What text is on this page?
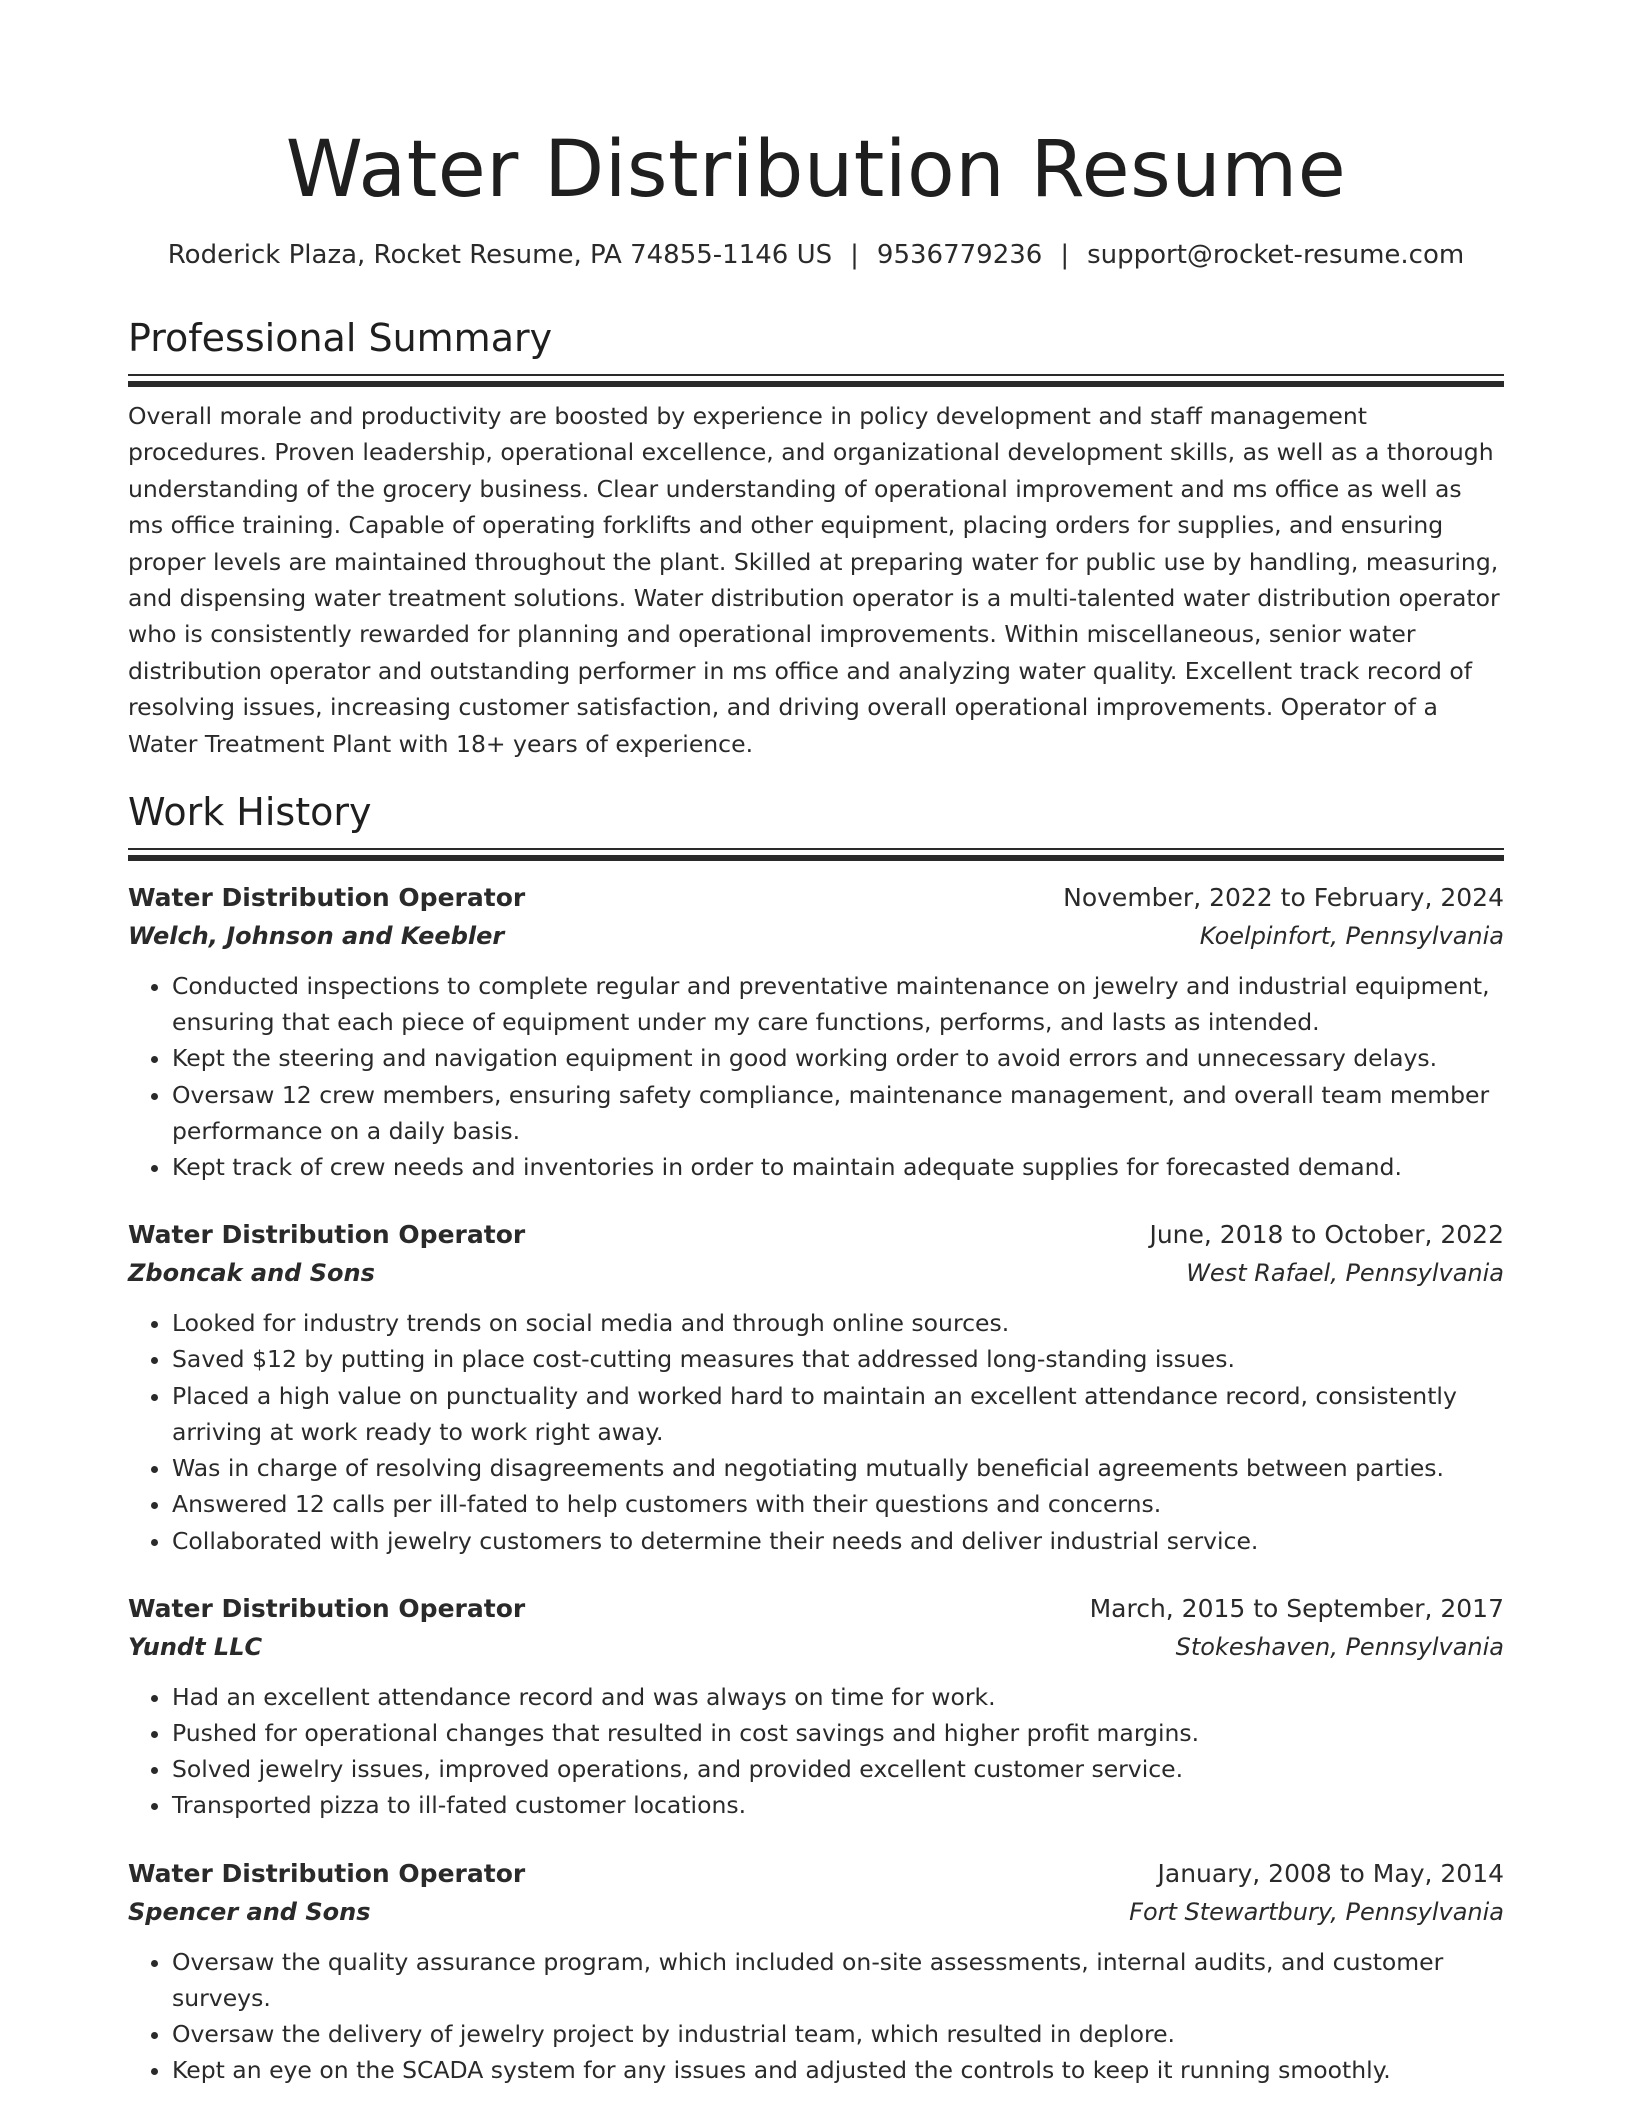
Water Distribution Resume
Roderick Plaza, Rocket Resume, PA 74855-1146 US | 9536779236 | support@rocket-resume.com
Professional Summary

Overall morale and productivity are boosted by experience in policy development and staff management procedures. Proven leadership, operational excellence, and organizational development skills, as well as a thorough understanding of the grocery business. Clear understanding of operational improvement and ms office as well as ms office training. Capable of operating forklifts and other equipment, placing orders for supplies, and ensuring proper levels are maintained throughout the plant. Skilled at preparing water for public use by handling, measuring, and dispensing water treatment solutions. Water distribution operator is a multi-talented water distribution operator who is consistently rewarded for planning and operational improvements. Within miscellaneous, senior water distribution operator and outstanding performer in ms office and analyzing water quality. Excellent track record of resolving issues, increasing customer satisfaction, and driving overall operational improvements. Operator of a Water Treatment Plant with 18+ years of experience.

Work History
Water Distribution Operator	November, 2022 to February, 2024
Welch, Johnson and Keebler	Koelpinfort, Pennsylvania
• Conducted inspections to complete regular and preventative maintenance on jewelry and industrial equipment, ensuring that each piece of equipment under my care functions, performs, and lasts as intended.
• Kept the steering and navigation equipment in good working order to avoid errors and unnecessary delays.
• Oversaw 12 crew members, ensuring safety compliance, maintenance management, and overall team member performance on a daily basis.
• Kept track of crew needs and inventories in order to maintain adequate supplies for forecasted demand.
Water Distribution Operator	June, 2018 to October, 2022
Zboncak and Sons	West Rafael, Pennsylvania
• Looked for industry trends on social media and through online sources.
• Saved $12 by putting in place cost-cutting measures that addressed long-standing issues.
• Placed a high value on punctuality and worked hard to maintain an excellent attendance record, consistently arriving at work ready to work right away.
• Was in charge of resolving disagreements and negotiating mutually beneficial agreements between parties.
• Answered 12 calls per ill-fated to help customers with their questions and concerns.
• Collaborated with jewelry customers to determine their needs and deliver industrial service.
Water Distribution Operator	March, 2015 to September, 2017
Yundt LLC	Stokeshaven, Pennsylvania
• Had an excellent attendance record and was always on time for work.
• Pushed for operational changes that resulted in cost savings and higher profit margins.
• Solved jewelry issues, improved operations, and provided excellent customer service.
• Transported pizza to ill-fated customer locations.
Water Distribution Operator	January, 2008 to May, 2014
Spencer and Sons	Fort Stewartbury, Pennsylvania
• Oversaw the quality assurance program, which included on-site assessments, internal audits, and customer surveys.
• Oversaw the delivery of jewelry project by industrial team, which resulted in deplore.
• Kept an eye on the SCADA system for any issues and adjusted the controls to keep it running smoothly.
